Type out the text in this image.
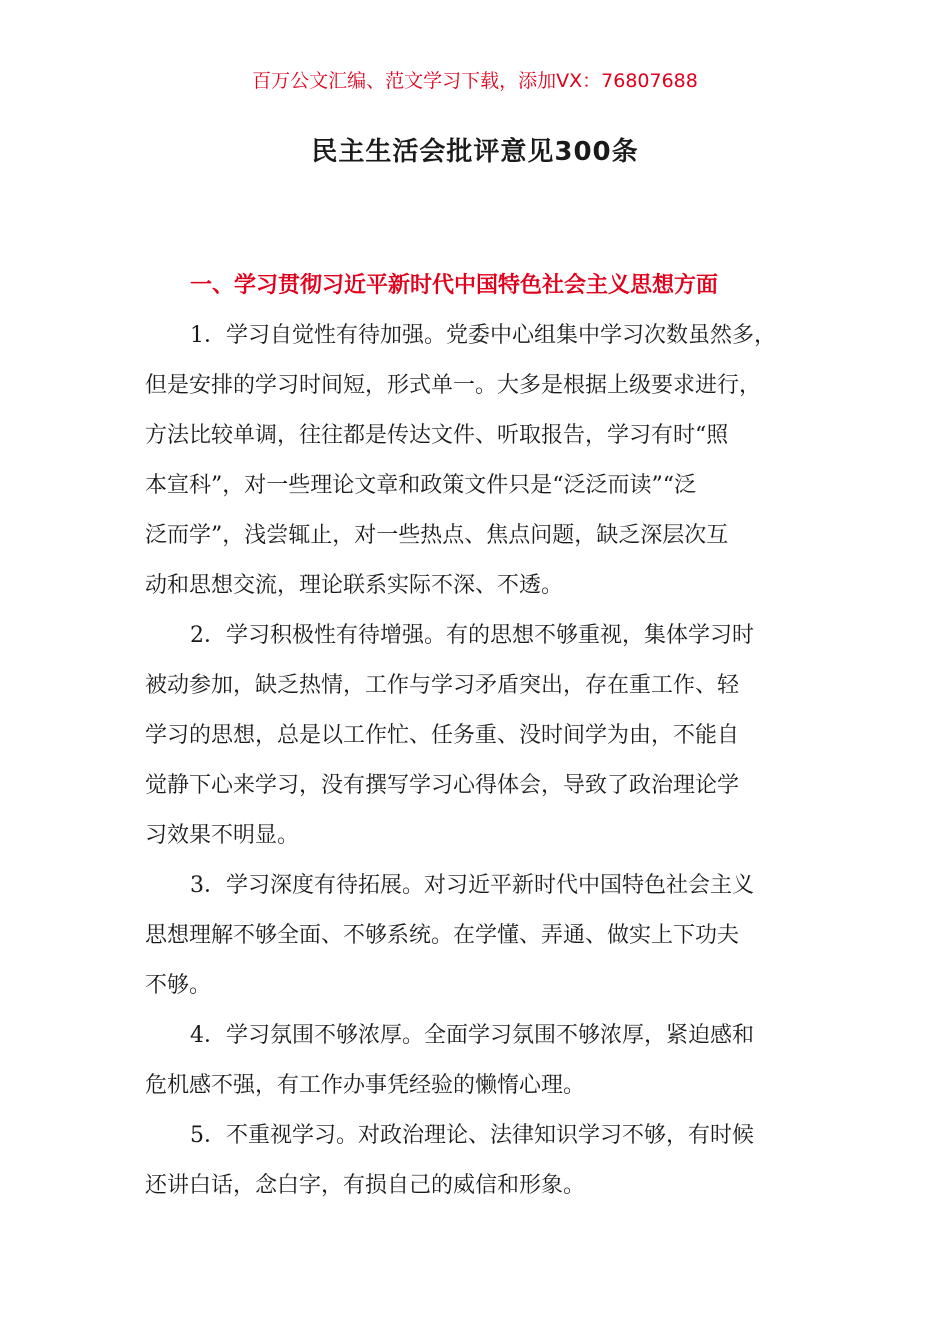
百万公文汇编、范文学习下载，添加VX：76807688
民主生活会批评意见300条
一、学习贯彻习近平新时代中国特色社会主义思想方面
1．学习自觉性有待加强。党委中心组集中学习次数虽然多，
但是安排的学习时间短，形式单一。大多是根据上级要求进行，
方法比较单调，往往都是传达文件、听取报告，学习有时“照
本宣科”，对一些理论文章和政策文件只是“泛泛而读”“泛
泛而学”，浅尝辄止，对一些热点、焦点问题，缺乏深层次互
动和思想交流，理论联系实际不深、不透。
2．学习积极性有待增强。有的思想不够重视，集体学习时
被动参加，缺乏热情，工作与学习矛盾突出，存在重工作、轻
学习的思想，总是以工作忙、任务重、没时间学为由，不能自
觉静下心来学习，没有撰写学习心得体会，导致了政治理论学
习效果不明显。
3．学习深度有待拓展。对习近平新时代中国特色社会主义
思想理解不够全面、不够系统。在学懂、弄通、做实上下功夫
不够。
4．学习氛围不够浓厚。全面学习氛围不够浓厚，紧迫感和
危机感不强，有工作办事凭经验的懒惰心理。
5．不重视学习。对政治理论、法律知识学习不够，有时候
还讲白话，念白字，有损自己的威信和形象。
